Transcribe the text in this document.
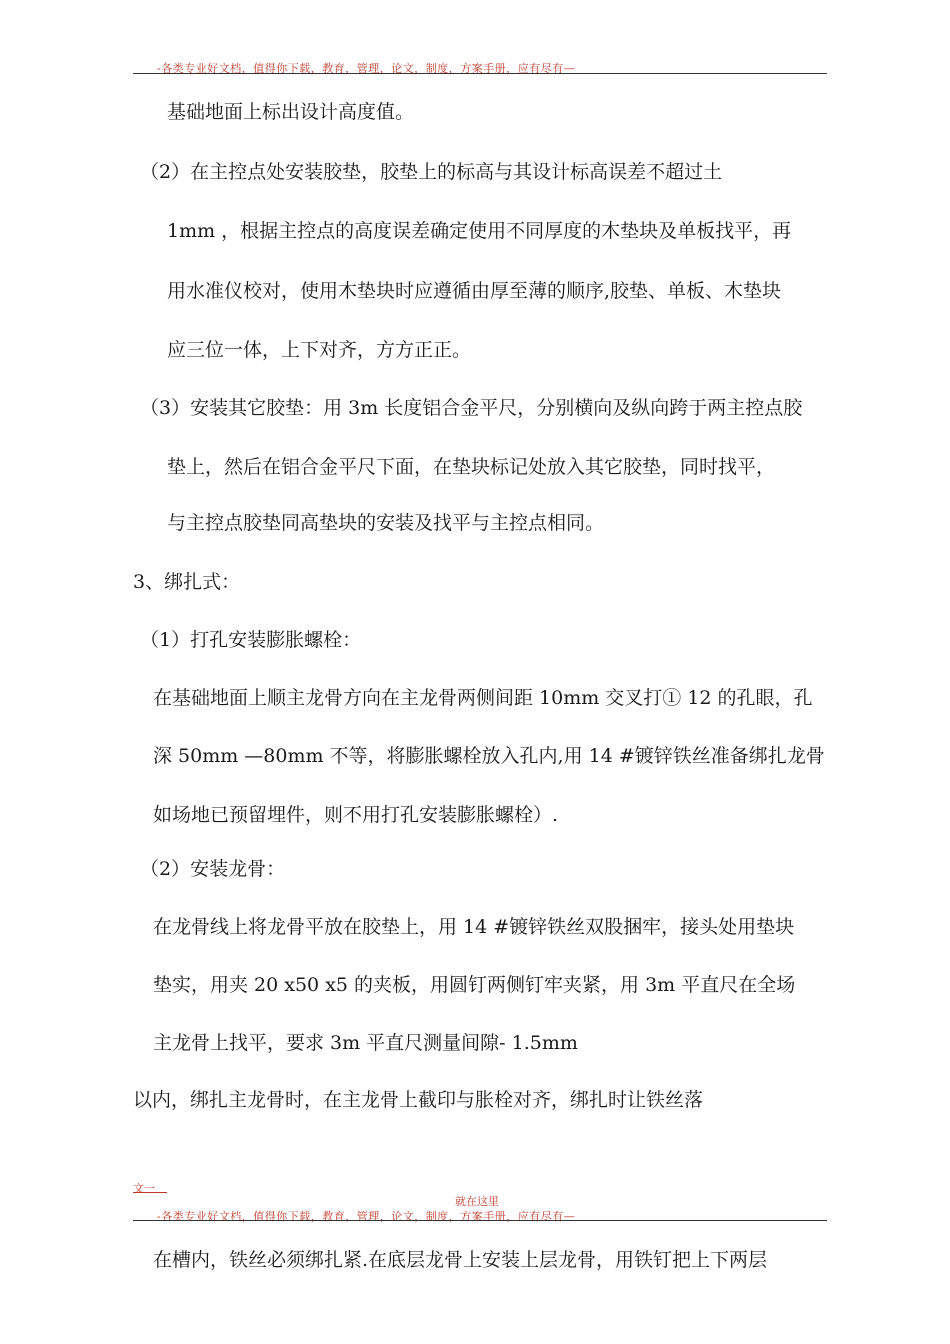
-各类专业好文档，值得你下载，教育，管理，论文，制度，方案手册，应有尽有—
基础地面上标出设计高度值。
（2）在主控点处安装胶垫，胶垫上的标高与其设计标高误差不超过土
1mm ，根据主控点的高度误差确定使用不同厚度的木垫块及单板找平，再
用水准仪校对，使用木垫块时应遵循由厚至薄的顺序,胶垫、单板、木垫块
应三位一体，上下对齐，方方正正。
（3）安装其它胶垫：用 3m 长度铝合金平尺，分别横向及纵向跨于两主控点胶
垫上，然后在铝合金平尺下面，在垫块标记处放入其它胶垫，同时找平，
与主控点胶垫同高垫块的安装及找平与主控点相同。
3、绑扎式：
（1）打孔安装膨胀螺栓：
在基础地面上顺主龙骨方向在主龙骨两侧间距 10mm 交叉打① 12 的孔眼，孔
深 50mm —80mm 不等，将膨胀螺栓放入孔内,用 14 #镀锌铁丝准备绑扎龙骨
如场地已预留埋件，则不用打孔安装膨胀螺栓）.
（2）安装龙骨：
在龙骨线上将龙骨平放在胶垫上，用 14 #镀锌铁丝双股捆牢，接头处用垫块
垫实，用夹 20 x50 x5 的夹板，用圆钉两侧钉牢夹紧，用 3m 平直尺在全场
主龙骨上找平，要求 3m 平直尺测量间隙- 1.5mm
以内，绑扎主龙骨时，在主龙骨上截印与胀栓对齐，绑扎时让铁丝落
文一
就在这里
-各类专业好文档，值得你下载，教育，管理，论文，制度，方案手册，应有尽有—
在槽内，铁丝必须绑扎紧.在底层龙骨上安装上层龙骨，用铁钉把上下两层
